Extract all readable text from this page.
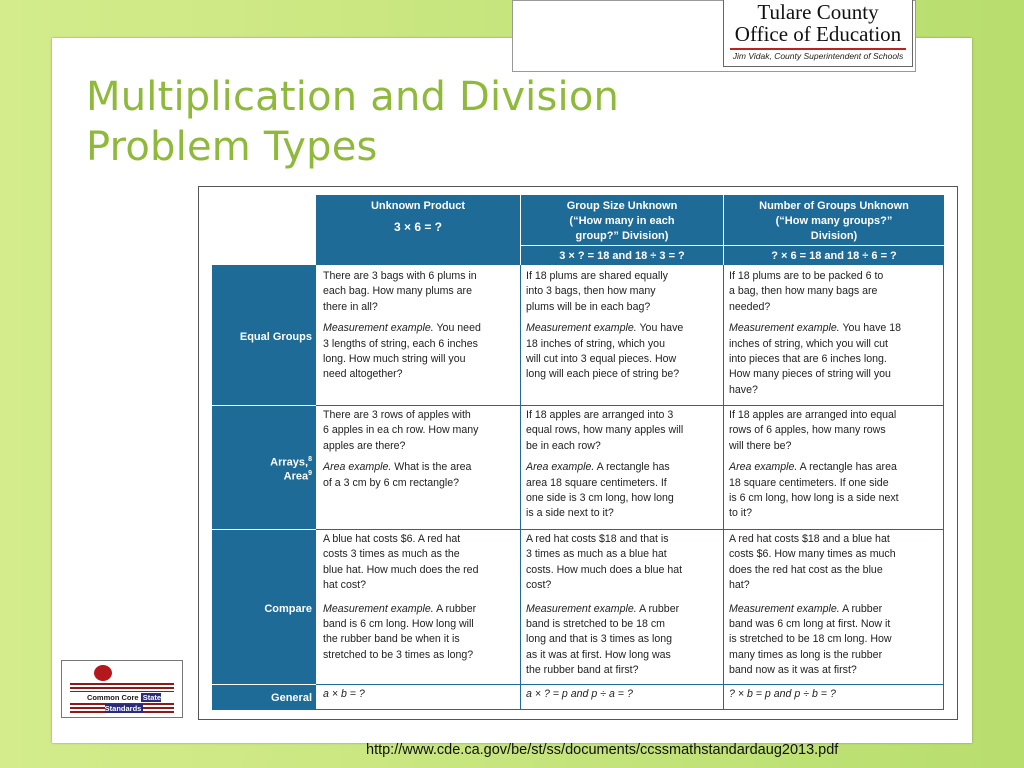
Multiplication and Division
Problem Types
Tulare County
Office of Education
Jim Vidak, County Superintendent of Schools
Unknown Product
3 × 6 = ?
Group Size Unknown
(“How many in each
group?” Division)
3 × ? = 18 and 18 ÷ 3 = ?
Number of Groups Unknown
(“How many groups?”
Division)
? × 6 = 18 and 18 ÷ 6 = ?
Equal Groups
Arrays,$^8$
Area$^9$
Compare
General
There are 3 bags with 6 plums in
each bag. How many plums are
there in all?
Measurement example. You need
3 lengths of string, each 6 inches
long. How much string will you
need altogether?
If 18 plums are shared equally
into 3 bags, then how many
plums will be in each bag?
Measurement example. You have
18 inches of string, which you
will cut into 3 equal pieces. How
long will each piece of string be?
If 18 plums are to be packed 6 to
a bag, then how many bags are
needed?
Measurement example. You have 18
inches of string, which you will cut
into pieces that are 6 inches long.
How many pieces of string will you
have?
There are 3 rows of apples with
6 apples in ea ch row. How many
apples are there?
Area example. What is the area
of a 3 cm by 6 cm rectangle?
If 18 apples are arranged into 3
equal rows, how many apples will
be in each row?
Area example. A rectangle has
area 18 square centimeters. If
one side is 3 cm long, how long
is a side next to it?
If 18 apples are arranged into equal
rows of 6 apples, how many rows
will there be?
Area example. A rectangle has area
18 square centimeters. If one side
is 6 cm long, how long is a side next
to it?
A blue hat costs $6. A red hat
costs 3 times as much as the
blue hat. How much does the red
hat cost?
Measurement example. A rubber
band is 6 cm long. How long will
the rubber band be when it is
stretched to be 3 times as long?
A red hat costs $18 and that is
3 times as much as a blue hat
costs. How much does a blue hat
cost?
Measurement example. A rubber
band is stretched to be 18 cm
long and that is 3 times as long
as it was at first. How long was
the rubber band at first?
A red hat costs $18 and a blue hat
costs $6. How many times as much
does the red hat cost as the blue
hat?
Measurement example. A rubber
band was 6 cm long at first. Now it
is stretched to be 18 cm long. How
many times as long is the rubber
band now as it was at first?
a × b = ?	a × ? = p and p ÷ a = ?	? × b = p and p ÷ b = ?
Common Core State Standards
http://www.cde.ca.gov/be/st/ss/documents/ccssmathstandardaug2013.pdf
